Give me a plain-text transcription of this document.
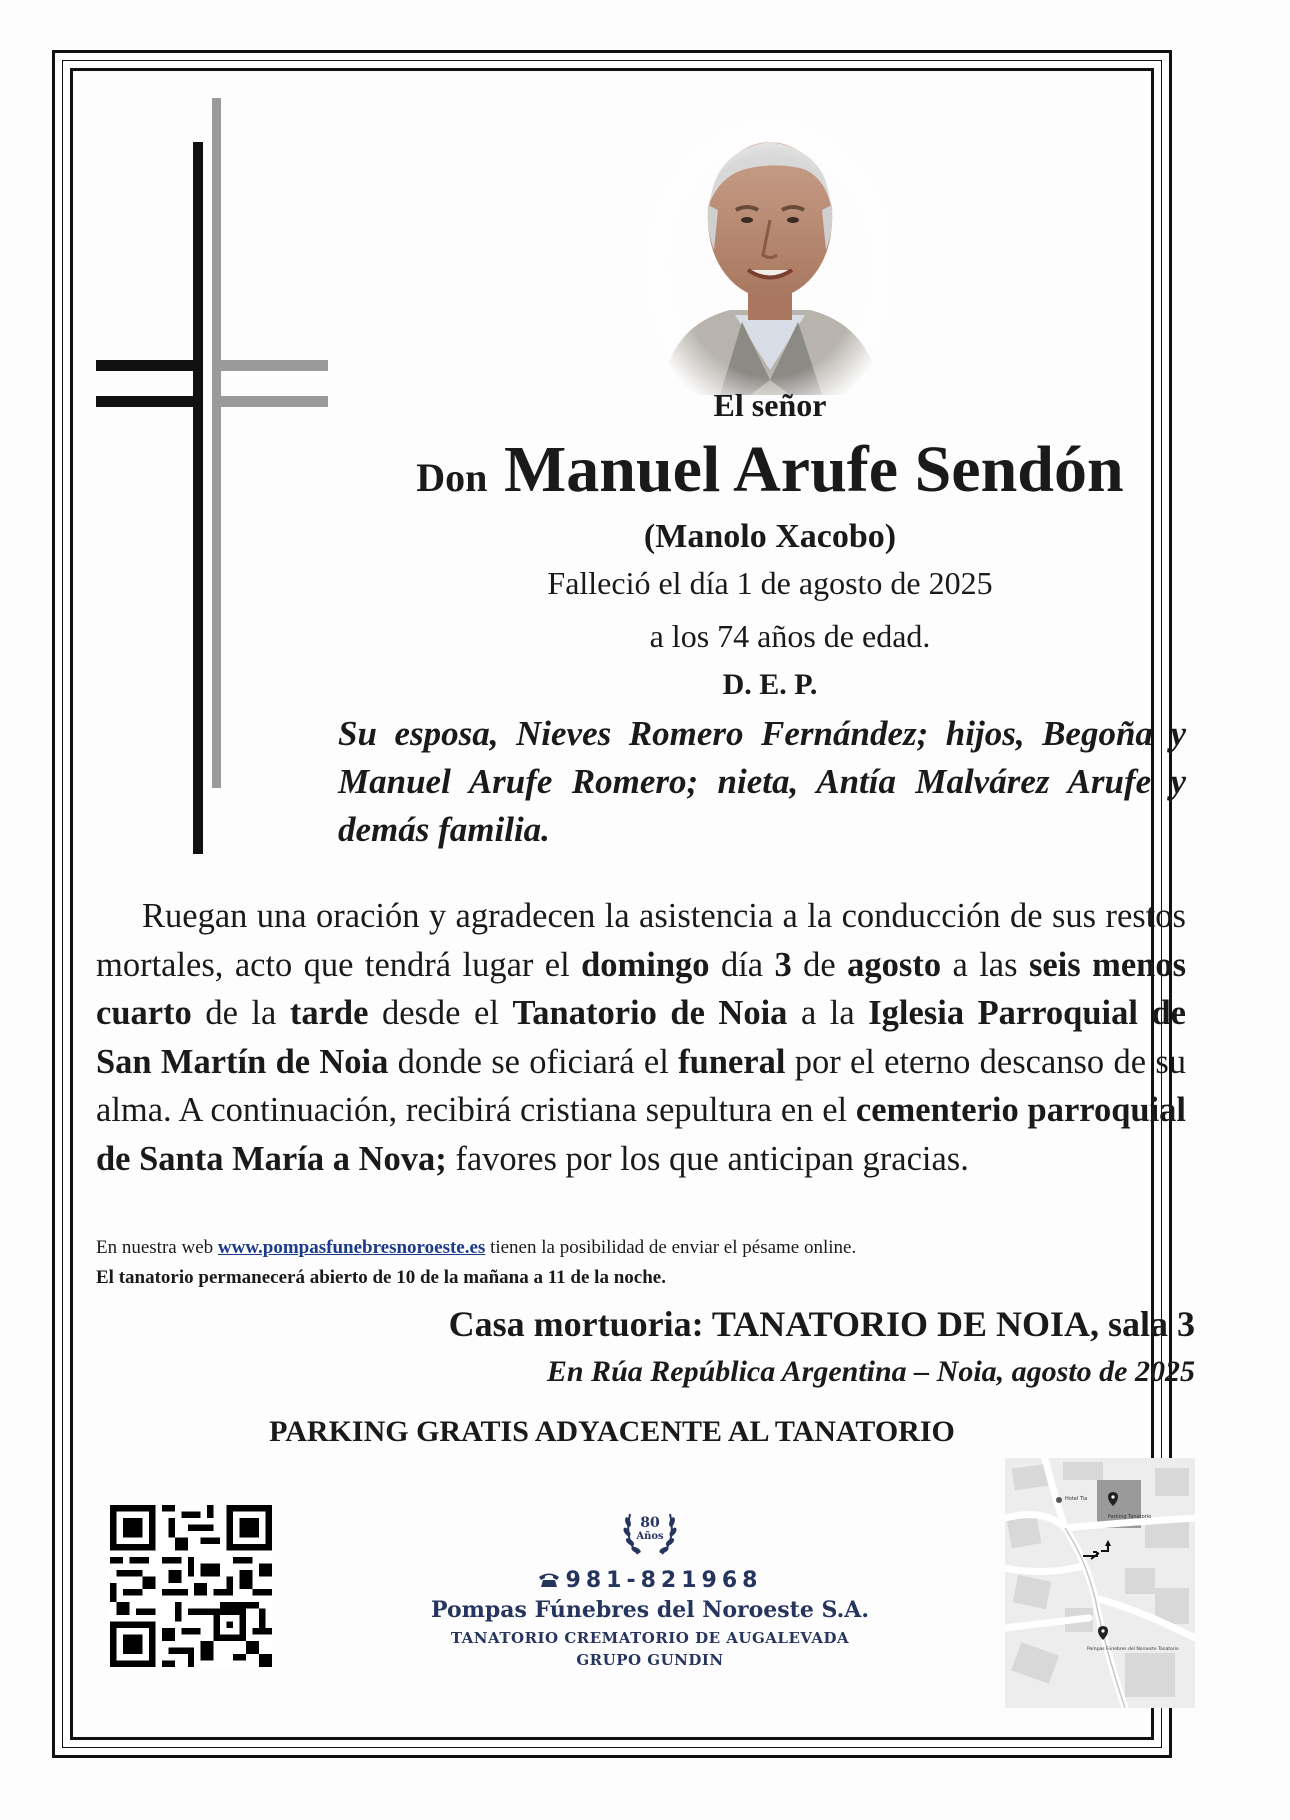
El señor
Don Manuel Arufe Sendón
(Manolo Xacobo)
Falleció el día 1 de agosto de 2025
a los 74 años de edad.
D. E. P.
Su esposa, Nieves Romero Fernández; hijos, Begoña y Manuel Arufe Romero; nieta, Antía Malvárez Arufe y demás familia.
Ruegan una oración y agradecen la asistencia a la conducción de sus restos mortales, acto que tendrá lugar el domingo día 3 de agosto a las seis menos cuarto de la tarde desde el Tanatorio de Noia a la Iglesia Parroquial de San Martín de Noia donde se oficiará el funeral por el eterno descanso de su alma. A continuación, recibirá cristiana sepultura en el cementerio parroquial de Santa María a Nova; favores por los que anticipan gracias.
En nuestra web www.pompasfunebresnoroeste.es tienen la posibilidad de enviar el pésame online.
El tanatorio permanecerá abierto de 10 de la mañana a 11 de la noche.
Casa mortuoria: TANATORIO DE NOIA, sala 3
En Rúa República Argentina – Noia, agosto de 2025
PARKING GRATIS ADYACENTE AL TANATORIO
80
Años
981-821968
Pompas Fúnebres del Noroeste S.A.
TANATORIO CREMATORIO DE AUGALEVADA
GRUPO GUNDIN
Parking Tanatorio
Hotel Tía
Pompas Fúnebres del Noroeste Tanatorio
